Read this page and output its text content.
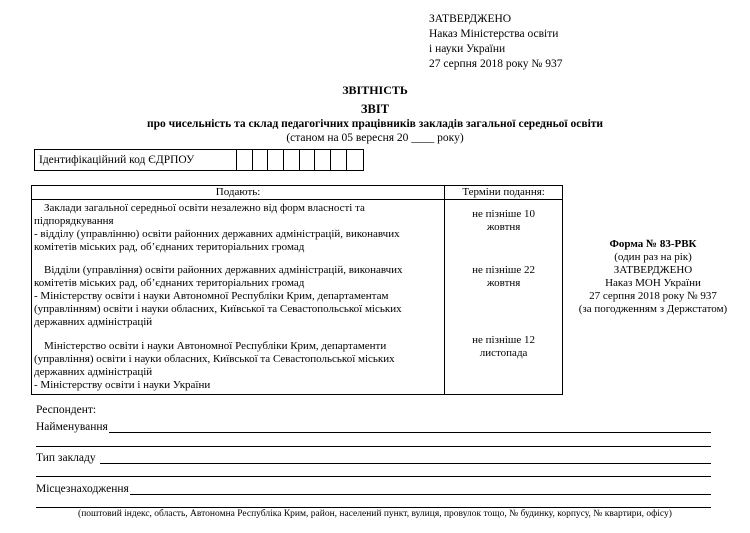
ЗАТВЕРДЖЕНО
Наказ Міністерства освіти
і науки України
27 серпня 2018 року № 937
ЗВІТНІСТЬ
ЗВІТ
про чисельність та склад педагогічних працівників закладів загальної середньої освіти
(станом на 05 вересня 20 ____ року)
Ідентифікаційний код ЄДРПОУ
Подають:	Терміни подання:
Заклади загальної середньої освіти незалежно від форм власності та
підпорядкування
- відділу (управлінню) освіти районних державних адміністрацій, виконавчих
комітетів міських рад, об’єднаних територіальних громад	не пізніше 10
жовтня
Відділи (управління) освіти районних державних адміністрацій, виконавчих
комітетів міських рад, об’єднаних територіальних громад
- Міністерству освіти і науки Автономної Республіки Крим, департаментам
(управлінням) освіти і науки обласних, Київської та Севастопольської міських
державних адміністрацій	не пізніше 22
жовтня
Міністерство освіти і науки Автономної Республіки Крим, департаменти
(управління) освіти і науки обласних, Київської та Севастопольської міських
державних адміністрацій
- Міністерству освіти і науки України	не пізніше 12
листопада
Форма № 83-РВК
(один раз на рік)
ЗАТВЕРДЖЕНО
Наказ МОН України
27 серпня 2018 року № 937
(за погодженням з Держстатом)
Респондент:
Найменування
Тип закладу
Місцезнаходження
(поштовий індекс, область, Автономна Республіка Крим, район, населений пункт, вулиця, провулок тощо, № будинку, корпусу, № квартири, офісу)
